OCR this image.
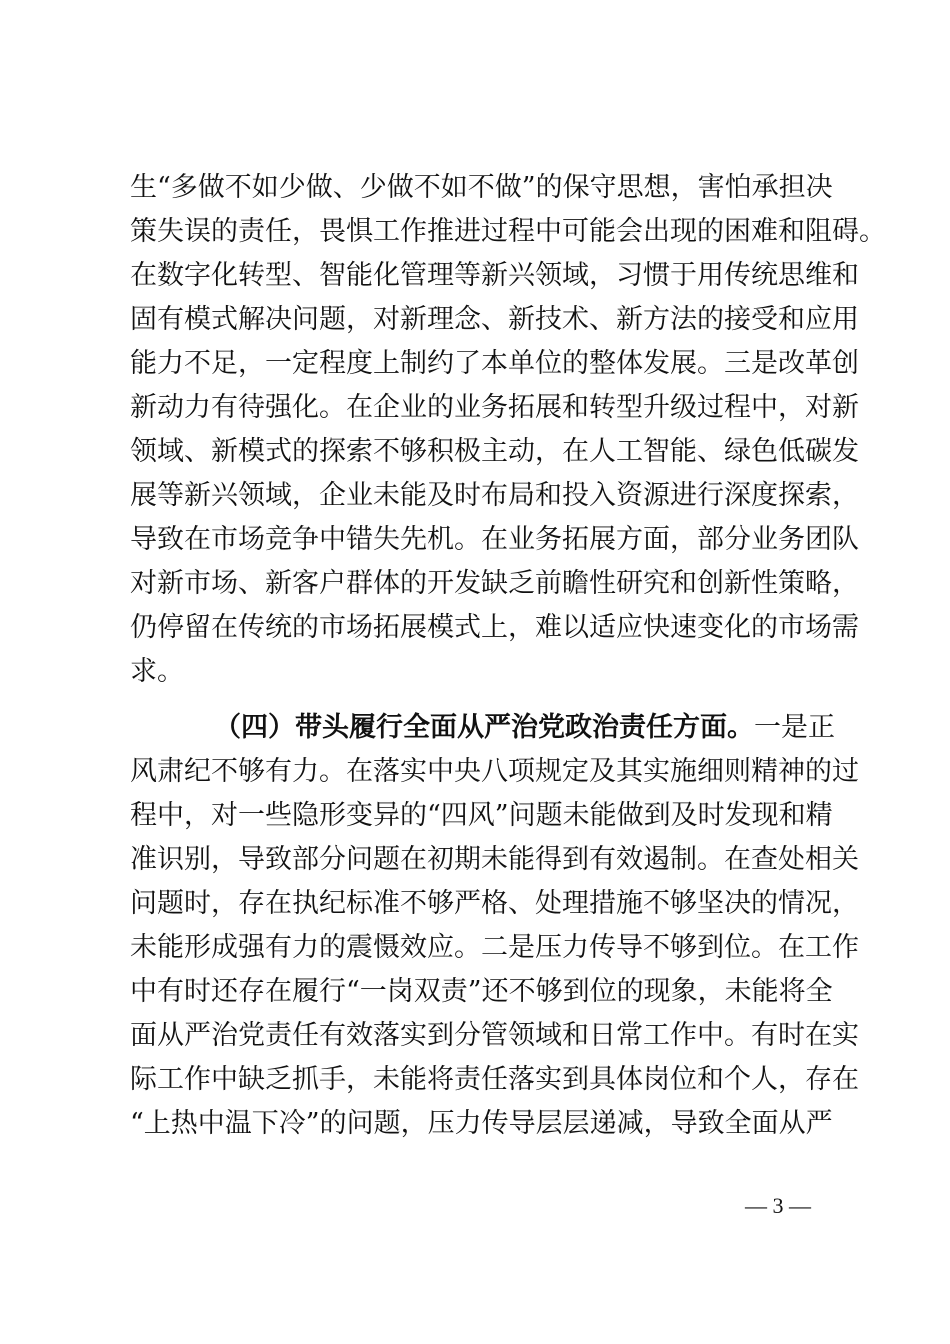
生“多做不如少做、少做不如不做”的保守思想，害怕承担决
策失误的责任，畏惧工作推进过程中可能会出现的困难和阻碍。
在数字化转型、智能化管理等新兴领域，习惯于用传统思维和
固有模式解决问题，对新理念、新技术、新方法的接受和应用
能力不足，一定程度上制约了本单位的整体发展。三是改革创
新动力有待强化。在企业的业务拓展和转型升级过程中，对新
领域、新模式的探索不够积极主动，在人工智能、绿色低碳发
展等新兴领域，企业未能及时布局和投入资源进行深度探索，
导致在市场竞争中错失先机。在业务拓展方面，部分业务团队
对新市场、新客户群体的开发缺乏前瞻性研究和创新性策略，
仍停留在传统的市场拓展模式上，难以适应快速变化的市场需
求。
（四）带头履行全面从严治党政治责任方面。一是正
风肃纪不够有力。在落实中央八项规定及其实施细则精神的过
程中，对一些隐形变异的“四风”问题未能做到及时发现和精
准识别，导致部分问题在初期未能得到有效遏制。在查处相关
问题时，存在执纪标准不够严格、处理措施不够坚决的情况，
未能形成强有力的震慑效应。二是压力传导不够到位。在工作
中有时还存在履行“一岗双责”还不够到位的现象，未能将全
面从严治党责任有效落实到分管领域和日常工作中。有时在实
际工作中缺乏抓手，未能将责任落实到具体岗位和个人，存在
“上热中温下冷”的问题，压力传导层层递减，导致全面从严
— 3 —
